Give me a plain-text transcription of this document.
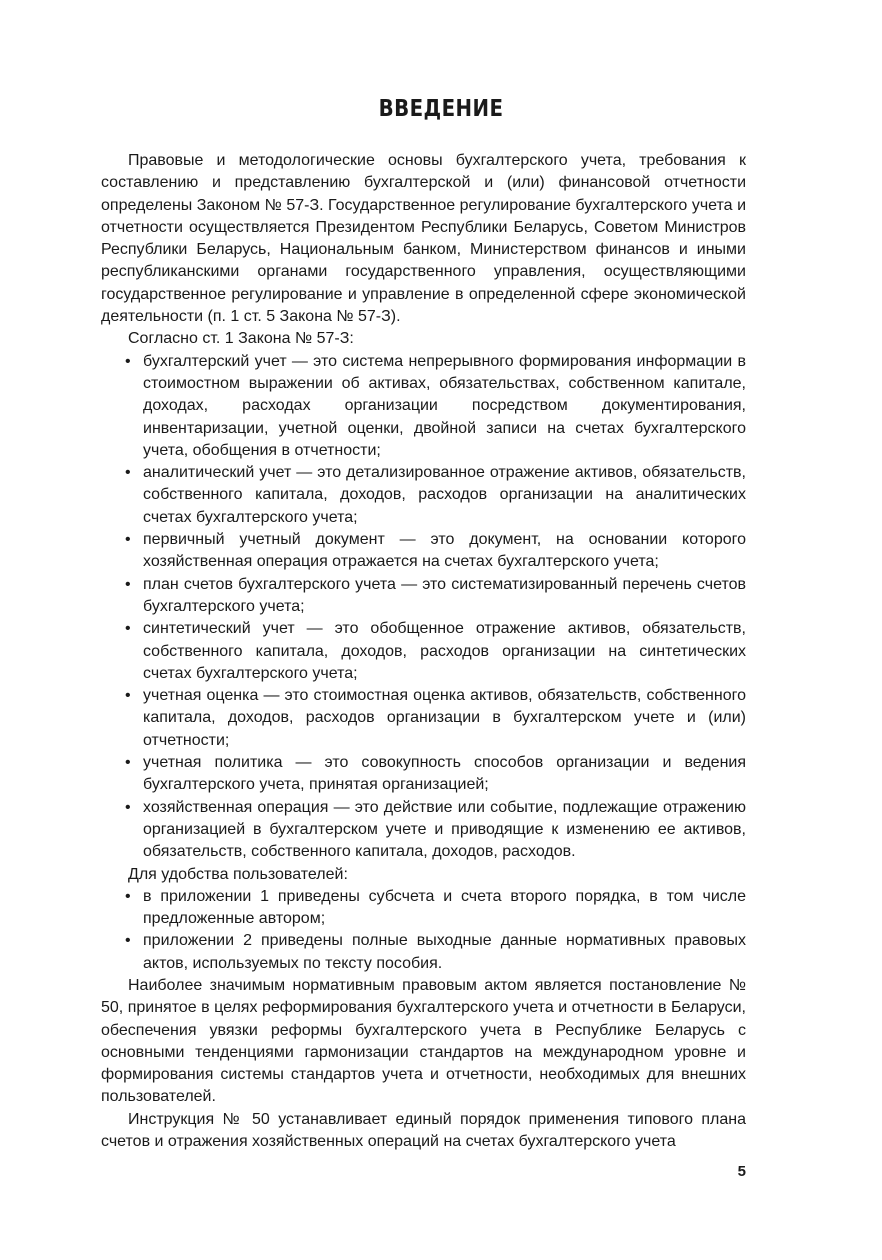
ВВЕДЕНИЕ

Правовые и методологические основы бухгалтерского учета, требования к составлению и представлению бухгалтерской и (или) финансовой отчетности определены Законом № 57-З. Государственное регулирование бухгалтерского учета и отчетности осуществляется Президентом Республики Беларусь, Советом Министров Республики Беларусь, Национальным банком, Министерством финансов и иными республиканскими органами государственного управления, осуществляющими государственное регулирование и управление в определенной сфере экономической деятельности (п. 1 ст. 5 Закона № 57-З).

Согласно ст. 1 Закона № 57-З:

• бухгалтерский учет — это система непрерывного формирования информации в стоимостном выражении об активах, обязательствах, собственном капитале, доходах, расходах организации посредством документирования, инвентаризации, учетной оценки, двойной записи на счетах бухгалтерского учета, обобщения в отчетности;
• аналитический учет — это детализированное отражение активов, обязательств, собственного капитала, доходов, расходов организации на аналитических счетах бухгалтерского учета;
• первичный учетный документ — это документ, на основании которого хозяйственная операция отражается на счетах бухгалтерского учета;
• план счетов бухгалтерского учета — это систематизированный перечень счетов бухгалтерского учета;
• синтетический учет — это обобщенное отражение активов, обязательств, собственного капитала, доходов, расходов организации на синтетических счетах бухгалтерского учета;
• учетная оценка — это стоимостная оценка активов, обязательств, собственного капитала, доходов, расходов организации в бухгалтерском учете и (или) отчетности;
• учетная политика — это совокупность способов организации и ведения бухгалтерского учета, принятая организацией;
• хозяйственная операция — это действие или событие, подлежащие отражению организацией в бухгалтерском учете и приводящие к изменению ее активов, обязательств, собственного капитала, доходов, расходов.

Для удобства пользователей:

• в приложении 1 приведены субсчета и счета второго порядка, в том числе предложенные автором;
• приложении 2 приведены полные выходные данные нормативных правовых актов, используемых по тексту пособия.

Наиболее значимым нормативным правовым актом является постановление № 50, принятое в целях реформирования бухгалтерского учета и отчетности в Беларуси, обеспечения увязки реформы бухгалтерского учета в Республике Беларусь с основными тенденциями гармонизации стандартов на международном уровне и формирования системы стандартов учета и отчетности, необходимых для внешних пользователей.

Инструкция № 50 устанавливает единый порядок применения типового плана счетов и отражения хозяйственных операций на счетах бухгалтерского учета

5
